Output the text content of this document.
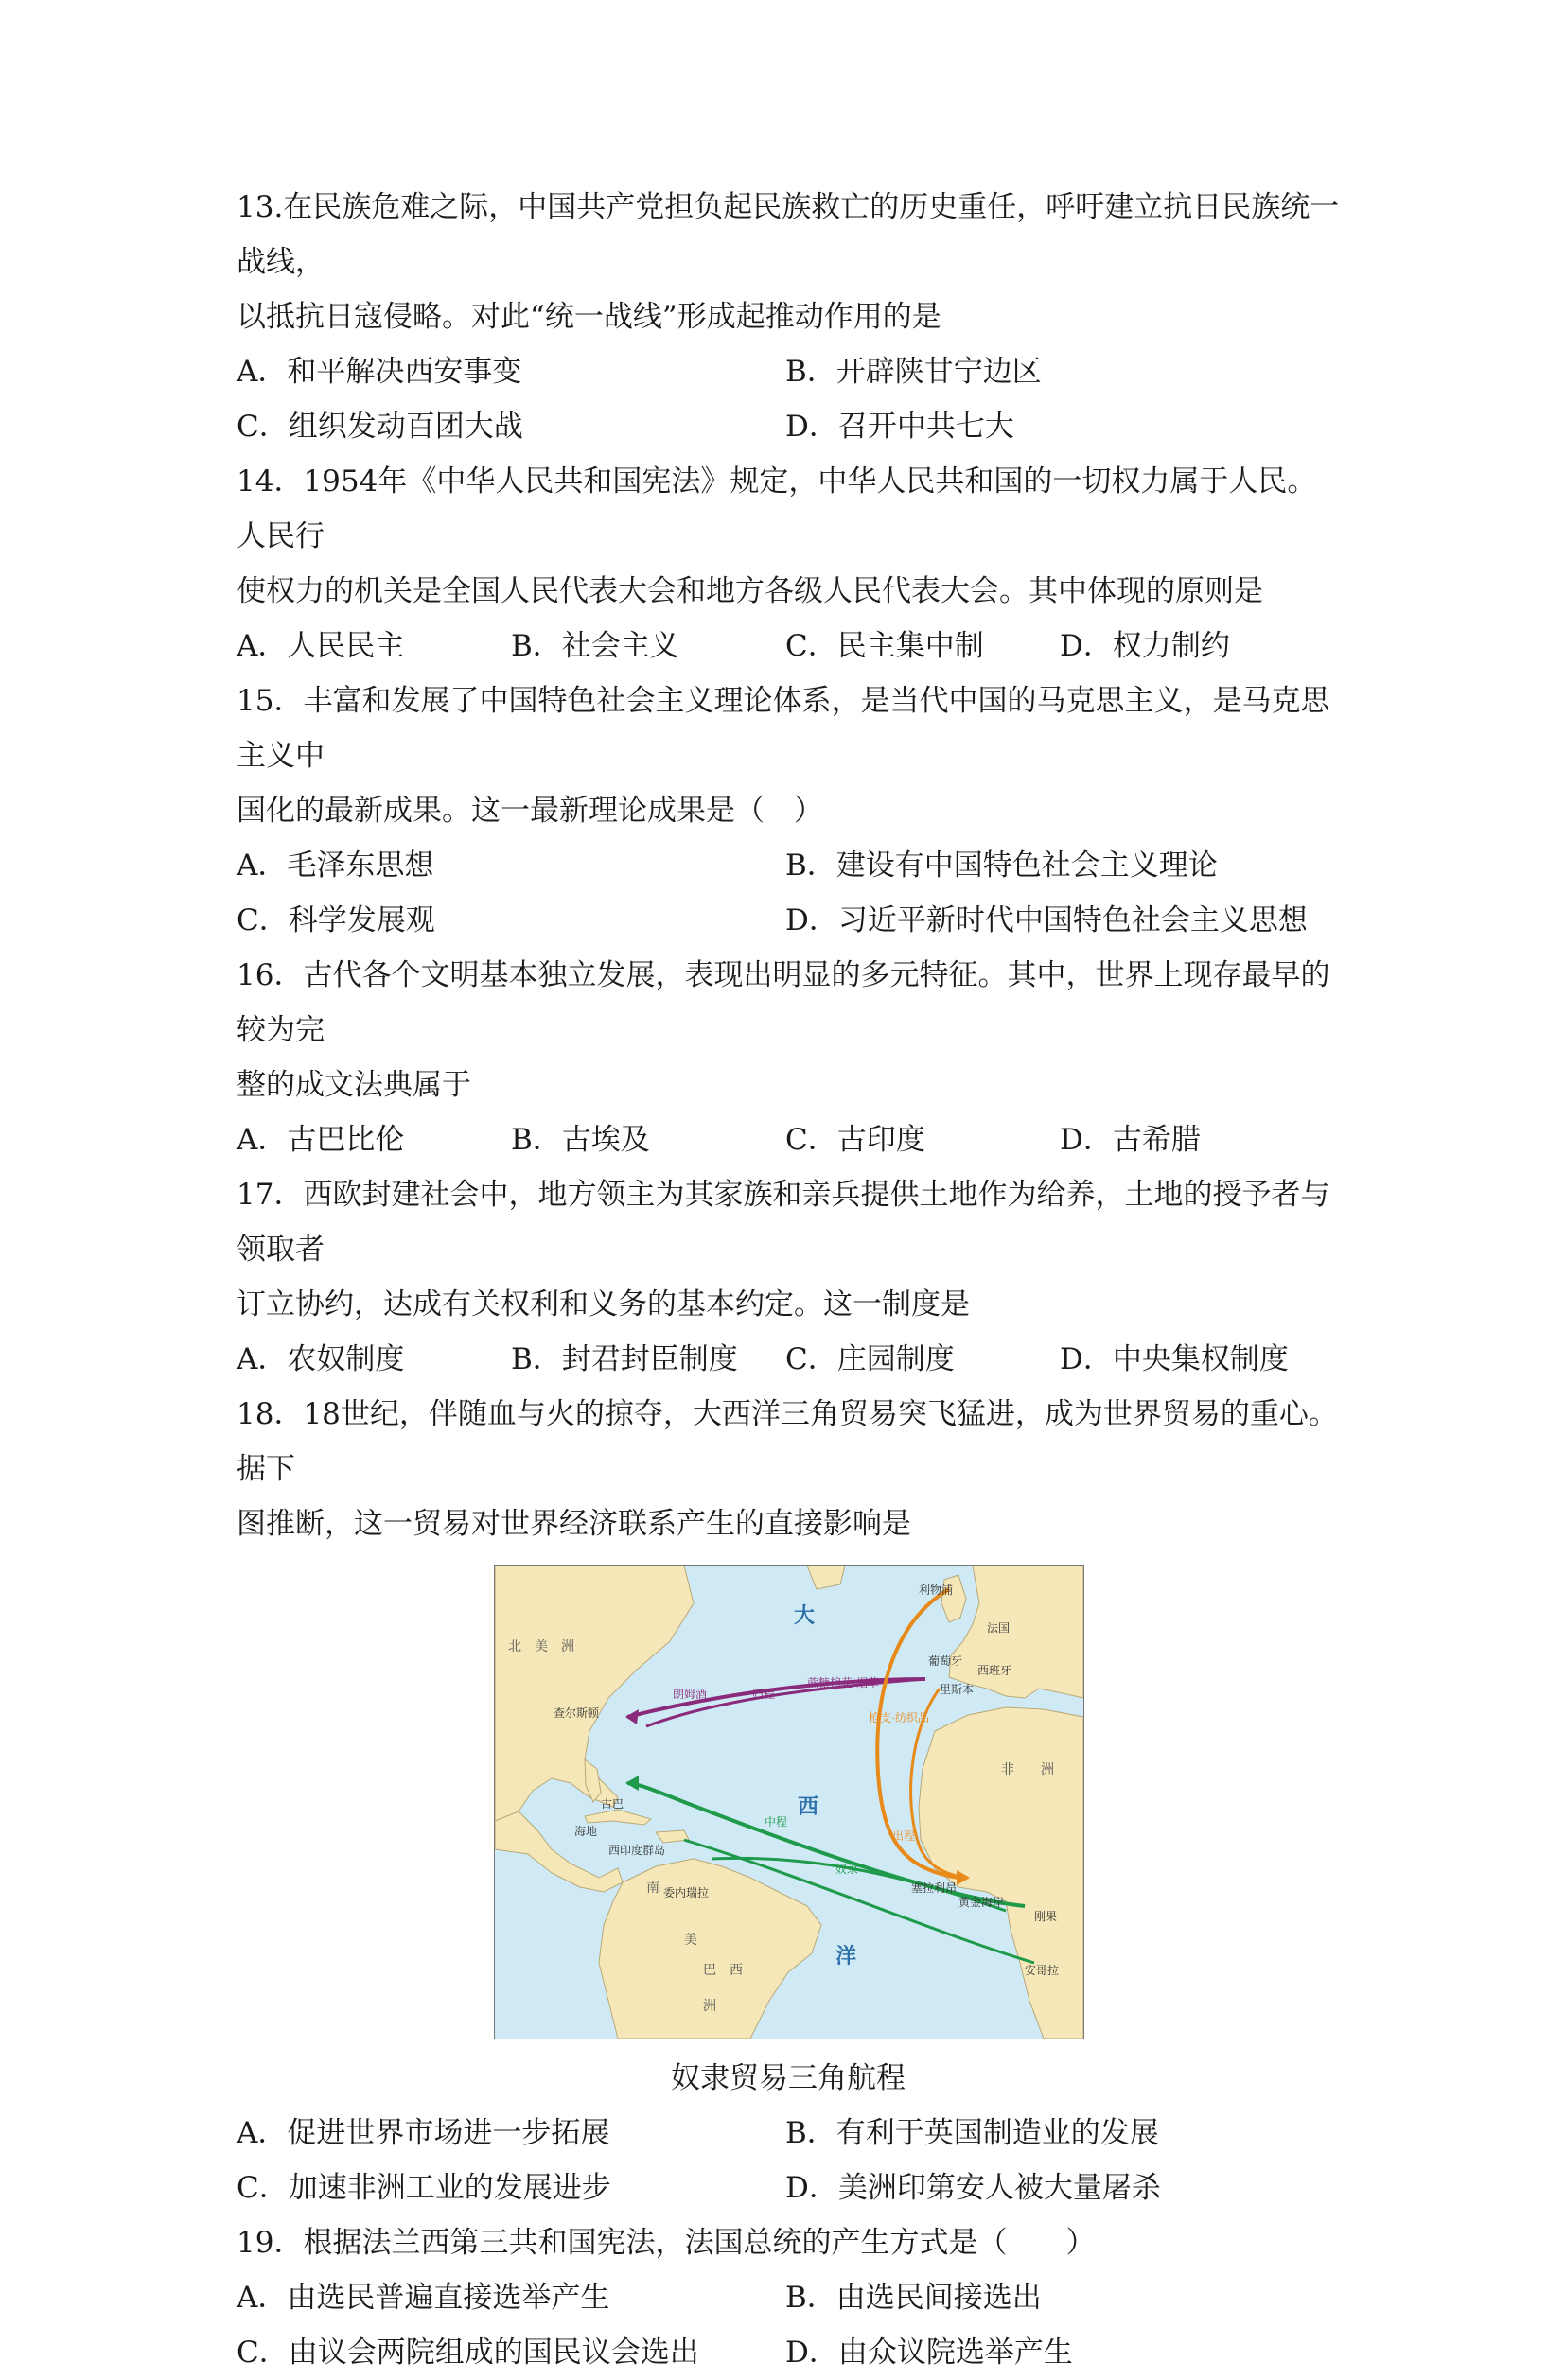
13.在民族危难之际，中国共产党担负起民族救亡的历史重任，呼吁建立抗日民族统一战线，

以抵抗日寇侵略。对此“统一战线”形成起推动作用的是

A．和平解决西安事变	B．开辟陕甘宁边区
C．组织发动百团大战	D．召开中共七大

14．1954年《中华人民共和国宪法》规定，中华人民共和国的一切权力属于人民。人民行

使权力的机关是全国人民代表大会和地方各级人民代表大会。其中体现的原则是

A．人民民主	B．社会主义	C．民主集中制	D．权力制约

15．丰富和发展了中国特色社会主义理论体系，是当代中国的马克思主义，是马克思主义中

国化的最新成果。这一最新理论成果是（　）

A．毛泽东思想	B．建设有中国特色社会主义理论
C．科学发展观	D．习近平新时代中国特色社会主义思想

16．古代各个文明基本独立发展，表现出明显的多元特征。其中，世界上现存最早的较为完

整的成文法典属于

A．古巴比伦	B．古埃及	C．古印度	D．古希腊

17．西欧封建社会中，地方领主为其家族和亲兵提供土地作为给养，土地的授予者与领取者

订立协约，达成有关权利和义务的基本约定。这一制度是

A．农奴制度	B．封君封臣制度	C．庄园制度	D．中央集权制度

18．18世纪，伴随血与火的掠夺，大西洋三角贸易突飞猛进，成为世界贸易的重心。据下

图推断，这一贸易对世界经济联系产生的直接影响是

北　美　洲
大
西
洋
南
美
洲
非　　洲
查尔斯顿
古巴
海地
西印度群岛
委内瑞拉
巴　西
利物浦
法国
葡萄牙
西班牙
里斯本
塞拉利昂
黄金海岸
刚果
安哥拉
朗姆酒	归程
蔗糖棉花·烟草
枪支·纺织品
中程
奴隶
出程
奴隶贸易三角航程
A．促进世界市场进一步拓展	B．有利于英国制造业的发展
C．加速非洲工业的发展进步	D．美洲印第安人被大量屠杀

19．根据法兰西第三共和国宪法，法国总统的产生方式是（　　）

A．由选民普遍直接选举产生	B．由选民间接选出
C．由议会两院组成的国民议会选出	D．由众议院选举产生
